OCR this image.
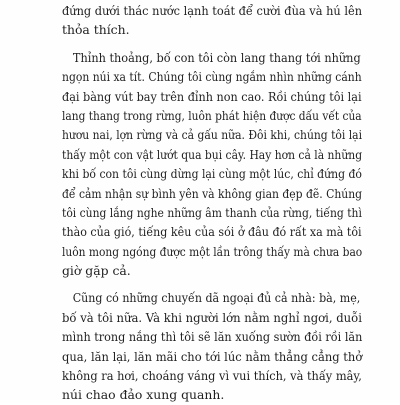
đứng dưới thác nước lạnh toát để cười đùa và hú lên
thỏa thích.
Thỉnh thoảng, bố con tôi còn lang thang tới những
ngọn núi xa tít. Chúng tôi cùng ngắm nhìn những cánh
đại bàng vút bay trên đỉnh non cao. Rồi chúng tôi lại
lang thang trong rừng, luôn phát hiện được dấu vết của
hươu nai, lợn rừng và cả gấu nữa. Đôi khi, chúng tôi lại
thấy một con vật lướt qua bụi cây. Hay hơn cả là những
khi bố con tôi cùng dừng lại cùng một lúc, chỉ đứng đó
để cảm nhận sự bình yên và không gian đẹp đẽ. Chúng
tôi cùng lắng nghe những âm thanh của rừng, tiếng thì
thào của gió, tiếng kêu của sói ở đâu đó rất xa mà tôi
luôn mong ngóng được một lần trông thấy mà chưa bao
giờ gặp cả.
Cũng có những chuyến dã ngoại đủ cả nhà: bà, mẹ,
bố và tôi nữa. Và khi người lớn nằm nghỉ ngơi, duỗi
mình trong nắng thì tôi sẽ lăn xuống sườn đồi rồi lăn
qua, lăn lại, lăn mãi cho tới lúc nằm thẳng cẳng thở
không ra hơi, choáng váng vì vui thích, và thấy mây,
núi chao đảo xung quanh.
